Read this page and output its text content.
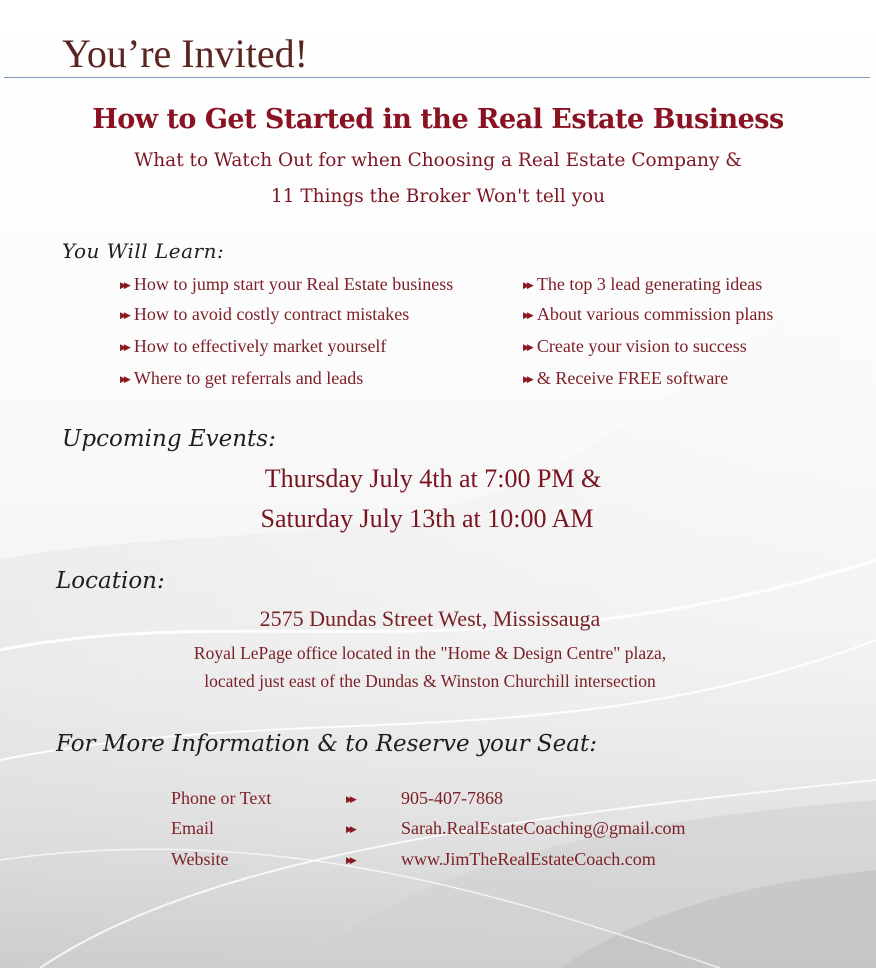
You’re Invited!
How to Get Started in the Real Estate Business
What to Watch Out for when Choosing a Real Estate Company &
11 Things the Broker Won't tell you
You Will Learn:
▶▶ How to jump start your Real Estate business
▶▶ How to avoid costly contract mistakes
▶▶ How to effectively market yourself
▶▶ Where to get referrals and leads
▶▶ The top 3 lead generating ideas
▶▶ About various commission plans
▶▶ Create your vision to success
▶▶ & Receive FREE software
Upcoming Events:
Thursday July 4th at 7:00 PM &
Saturday July 13th at 10:00 AM
Location:
2575 Dundas Street West, Mississauga
Royal LePage office located in the "Home & Design Centre" plaza,
located just east of the Dundas & Winston Churchill intersection
For More Information & to Reserve your Seat:
Phone or Text	▶▶	905-407-7868
Email	▶▶	Sarah.RealEstateCoaching@gmail.com
Website	▶▶	www.JimTheRealEstateCoach.com
